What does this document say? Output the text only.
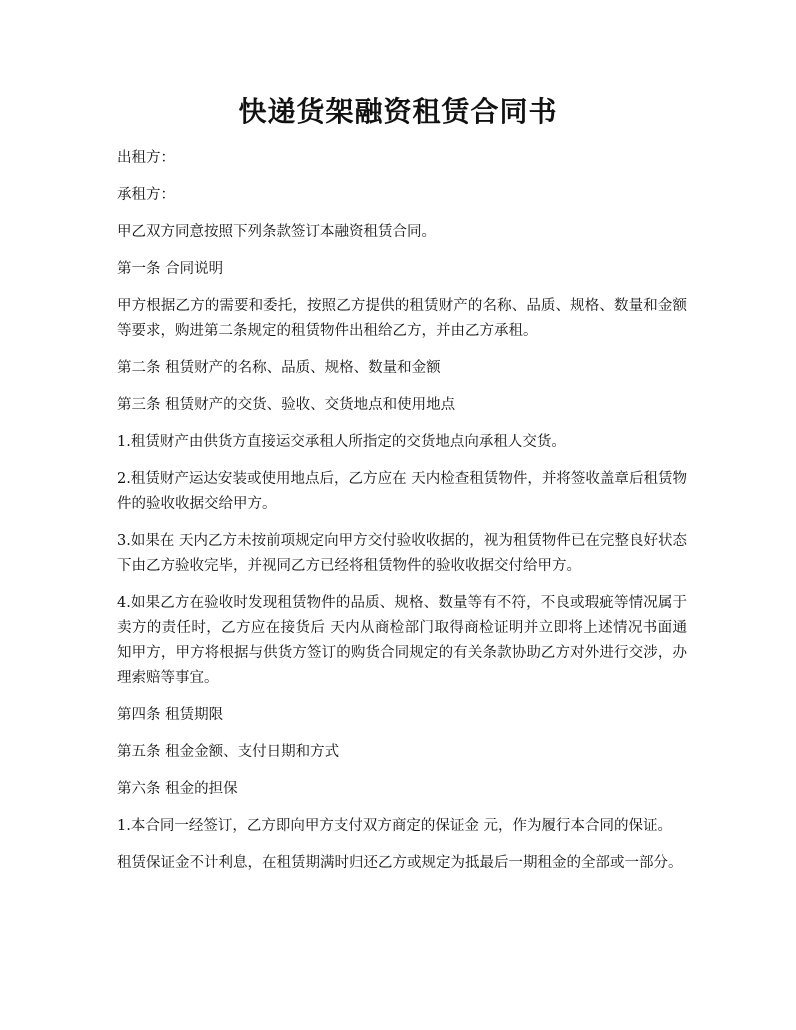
快递货架融资租赁合同书

出租方：

承租方：

甲乙双方同意按照下列条款签订本融资租赁合同。

第一条 合同说明

甲方根据乙方的需要和委托，按照乙方提供的租赁财产的名称、品质、规格、数量和金额等要求，购进第二条规定的租赁物件出租给乙方，并由乙方承租。

第二条 租赁财产的名称、品质、规格、数量和金额

第三条 租赁财产的交货、验收、交货地点和使用地点

1.租赁财产由供货方直接运交承租人所指定的交货地点向承租人交货。

2.租赁财产运达安装或使用地点后，乙方应在 天内检查租赁物件，并将签收盖章后租赁物件的验收收据交给甲方。

3.如果在 天内乙方未按前项规定向甲方交付验收收据的，视为租赁物件已在完整良好状态下由乙方验收完毕，并视同乙方已经将租赁物件的验收收据交付给甲方。

4.如果乙方在验收时发现租赁物件的品质、规格、数量等有不符，不良或瑕疵等情况属于卖方的责任时，乙方应在接货后 天内从商检部门取得商检证明并立即将上述情况书面通知甲方，甲方将根据与供货方签订的购货合同规定的有关条款协助乙方对外进行交涉，办理索赔等事宜。

第四条 租赁期限

第五条 租金金额、支付日期和方式

第六条 租金的担保

1.本合同一经签订，乙方即向甲方支付双方商定的保证金 元，作为履行本合同的保证。

租赁保证金不计利息，在租赁期满时归还乙方或规定为抵最后一期租金的全部或一部分。
